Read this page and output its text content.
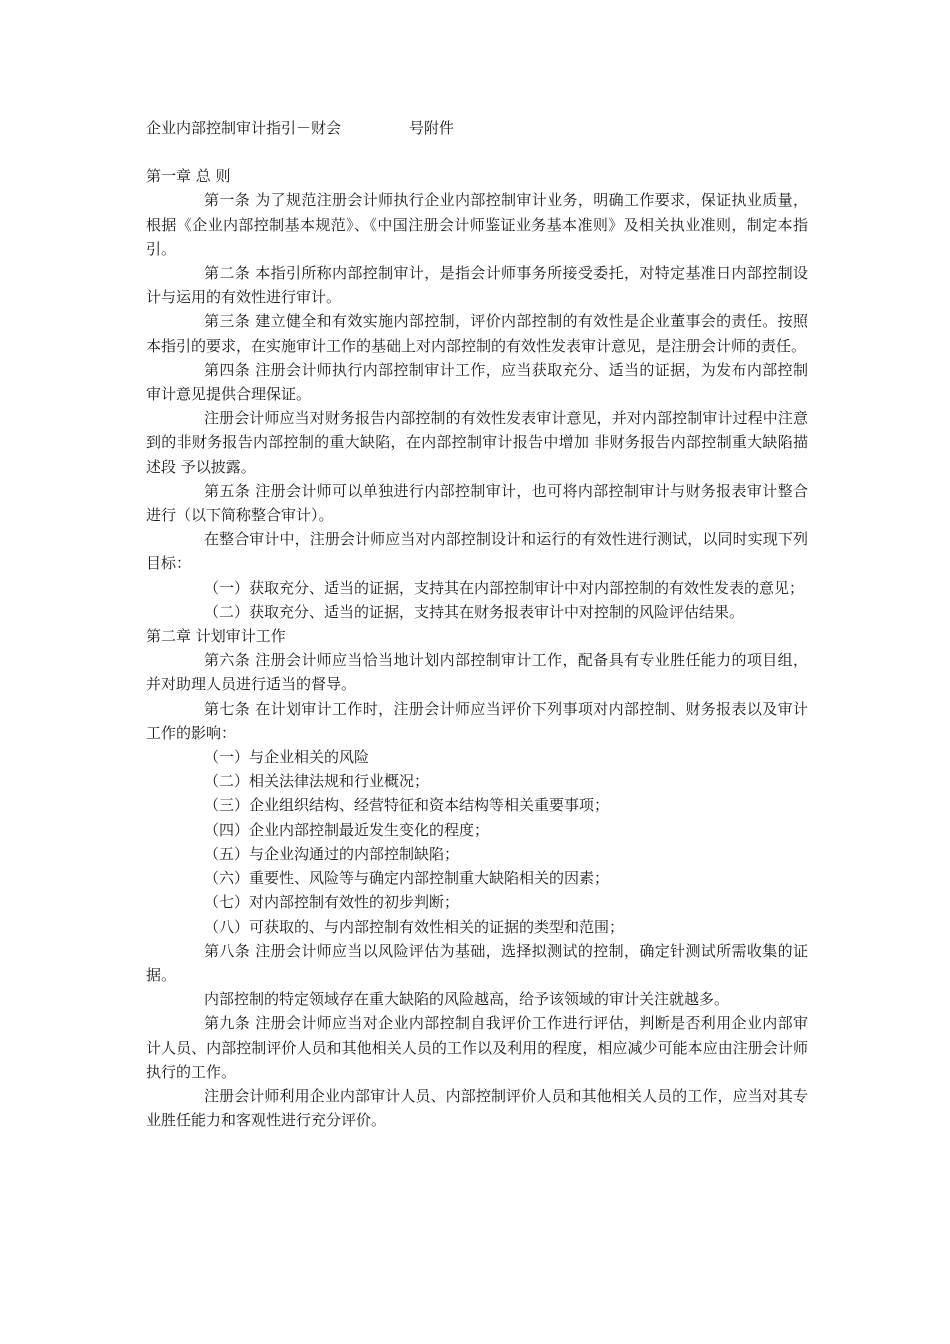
企业内部控制审计指引－财会	号附件

第一章 总 则

第一条 为了规范注册会计师执行企业内部控制审计业务，明确工作要求，保证执业质量，根据《企业内部控制基本规范》、《中国注册会计师鉴证业务基本准则》及相关执业准则，制定本指引。

第二条 本指引所称内部控制审计，是指会计师事务所接受委托，对特定基准日内部控制设计与运用的有效性进行审计。

第三条 建立健全和有效实施内部控制，评价内部控制的有效性是企业董事会的责任。按照本指引的要求，在实施审计工作的基础上对内部控制的有效性发表审计意见，是注册会计师的责任。

第四条 注册会计师执行内部控制审计工作，应当获取充分、适当的证据，为发布内部控制审计意见提供合理保证。

注册会计师应当对财务报告内部控制的有效性发表审计意见，并对内部控制审计过程中注意到的非财务报告内部控制的重大缺陷，在内部控制审计报告中增加 非财务报告内部控制重大缺陷描述段 予以披露。

第五条 注册会计师可以单独进行内部控制审计，也可将内部控制审计与财务报表审计整合进行（以下简称整合审计）。

在整合审计中，注册会计师应当对内部控制设计和运行的有效性进行测试，以同时实现下列目标：

（一）获取充分、适当的证据，支持其在内部控制审计中对内部控制的有效性发表的意见；

（二）获取充分、适当的证据，支持其在财务报表审计中对控制的风险评估结果。

第二章 计划审计工作

第六条 注册会计师应当恰当地计划内部控制审计工作，配备具有专业胜任能力的项目组，并对助理人员进行适当的督导。

第七条 在计划审计工作时，注册会计师应当评价下列事项对内部控制、财务报表以及审计工作的影响：

（一）与企业相关的风险

（二）相关法律法规和行业概况；

（三）企业组织结构、经营特征和资本结构等相关重要事项；

（四）企业内部控制最近发生变化的程度；

（五）与企业沟通过的内部控制缺陷；

（六）重要性、风险等与确定内部控制重大缺陷相关的因素；

（七）对内部控制有效性的初步判断；

（八）可获取的、与内部控制有效性相关的证据的类型和范围；

第八条 注册会计师应当以风险评估为基础，选择拟测试的控制，确定针测试所需收集的证据。

内部控制的特定领域存在重大缺陷的风险越高，给予该领域的审计关注就越多。

第九条 注册会计师应当对企业内部控制自我评价工作进行评估，判断是否利用企业内部审计人员、内部控制评价人员和其他相关人员的工作以及利用的程度，相应减少可能本应由注册会计师执行的工作。

注册会计师利用企业内部审计人员、内部控制评价人员和其他相关人员的工作，应当对其专业胜任能力和客观性进行充分评价。
